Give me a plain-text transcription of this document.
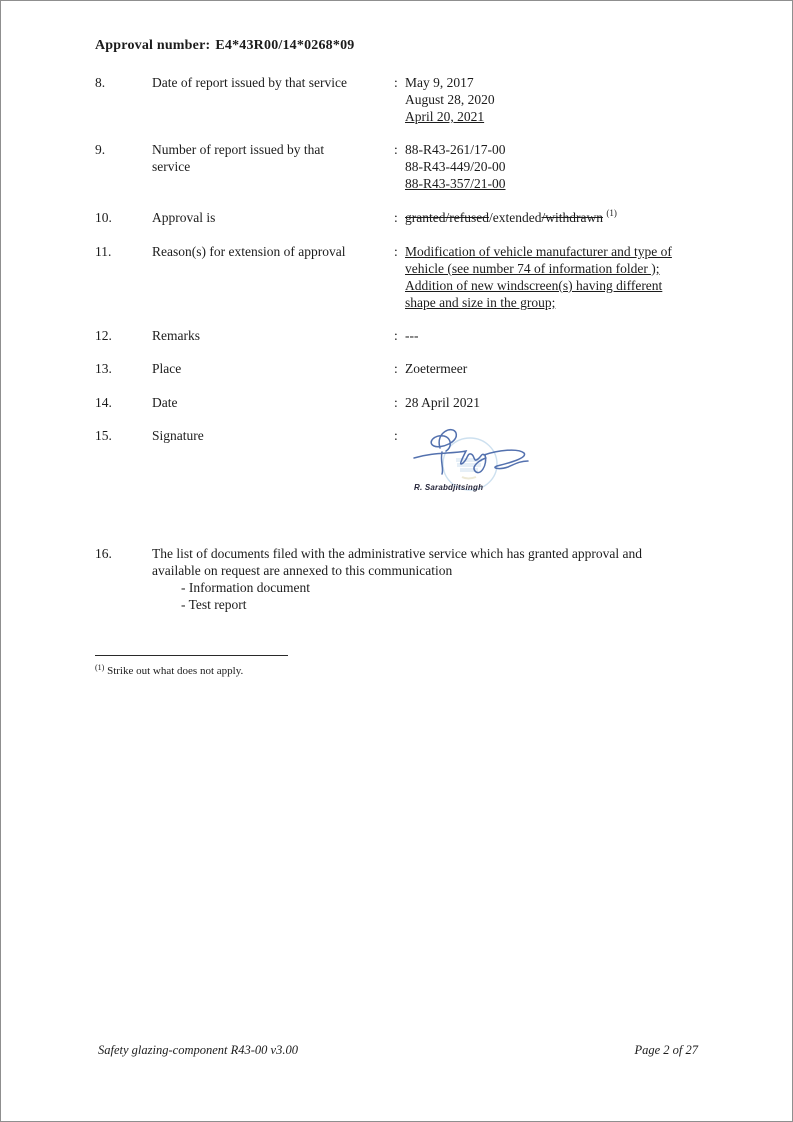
Approval number: E4*43R00/14*0268*09
8.	Date of report issued by that service	: May 9, 2017
August 28, 2020
April 20, 2021
9.	Number of report issued by that
service
: 88-R43-261/17-00
88-R43-449/20-00
88-R43-357/21-00
10.	Approval is	: granted/refused/extended/withdrawn $^{(1)}$
11.	Reason(s) for extension of approval	: Modification of vehicle manufacturer and type of
vehicle (see number 74 of information folder );
Addition of new windscreen(s) having different
shape and size in the group;
12.	Remarks	: ---
13.	Place	: Zoetermeer
14.	Date	: 28 April 2021
15.	Signature	:
R. Sarabdjitsingh
16.	The list of documents filed with the administrative service which has granted approval and
available on request are annexed to this communication
- Information document
- Test report
$^{(1)}$ Strike out what does not apply.
Safety glazing-component R43-00 v3.00	Page 2 of 27
